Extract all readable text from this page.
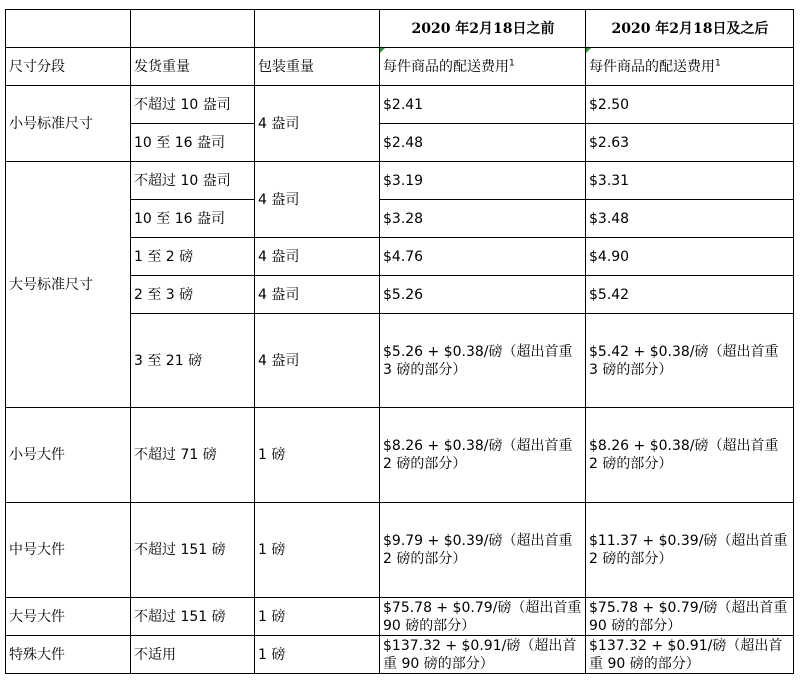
			2020 年2月18日之前	2020 年2月18日及之后
尺寸分段	发货重量	包装重量	每件商品的配送费用$^1$	每件商品的配送费用$^1$
小号标准尺寸	不超过 10 盎司	4 盎司	$2.41	$2.50
	10 至 16 盎司		$2.48	$2.63
大号标准尺寸	不超过 10 盎司	4 盎司	$3.19	$3.31
	10 至 16 盎司		$3.28	$3.48
	1 至 2 磅	4 盎司	$4.76	$4.90
	2 至 3 磅	4 盎司	$5.26	$5.42
	3 至 21 磅	4 盎司	$5.26 + $0.38/磅（超出首重 3 磅的部分）	$5.42 + $0.38/磅（超出首重 3 磅的部分）
小号大件	不超过 71 磅	1 磅	$8.26 + $0.38/磅（超出首重 2 磅的部分）	$8.26 + $0.38/磅（超出首重 2 磅的部分）
中号大件	不超过 151 磅	1 磅	$9.79 + $0.39/磅（超出首重 2 磅的部分）	$11.37 + $0.39/磅（超出首重 2 磅的部分）
大号大件	不超过 151 磅	1 磅	$75.78 + $0.79/磅（超出首重 90 磅的部分）	$75.78 + $0.79/磅（超出首重 90 磅的部分）
特殊大件	不适用	1 磅	$137.32 + $0.91/磅（超出首重 90 磅的部分）	$137.32 + $0.91/磅（超出首重 90 磅的部分）
